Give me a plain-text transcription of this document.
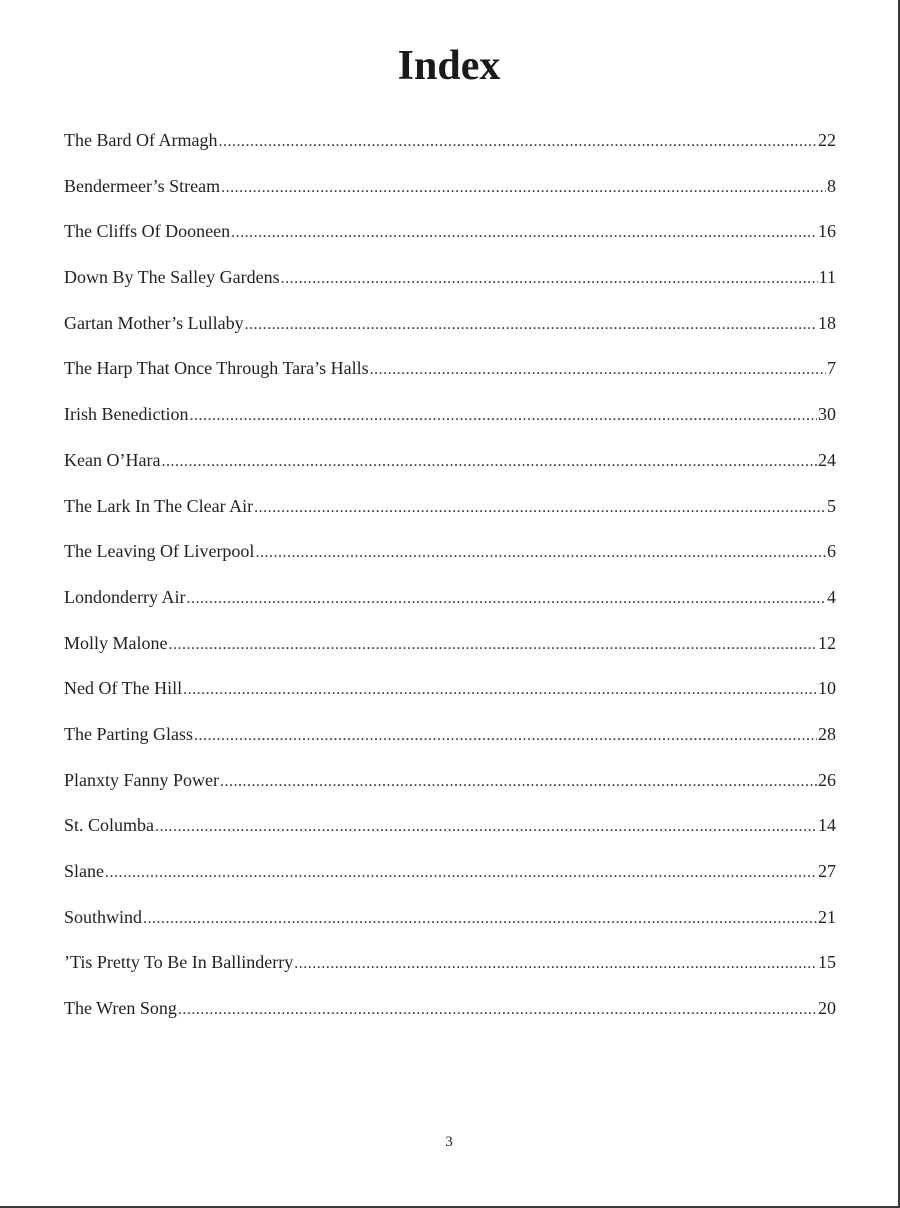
Index
The Bard Of Armagh .....	22
Bendermeer’s Stream .....	8
The Cliffs Of Dooneen .....	16
Down By The Salley Gardens .....	11
Gartan Mother’s Lullaby .....	18
The Harp That Once Through Tara’s Halls .....	7
Irish Benediction .....	30
Kean O’Hara .....	24
The Lark In The Clear Air .....	5
The Leaving Of Liverpool .....	6
Londonderry Air .....	4
Molly Malone .....	12
Ned Of The Hill .....	10
The Parting Glass .....	28
Planxty Fanny Power .....	26
St. Columba .....	14
Slane .....	27
Southwind .....	21
’Tis Pretty To Be In Ballinderry .....	15
The Wren Song .....	20
3
